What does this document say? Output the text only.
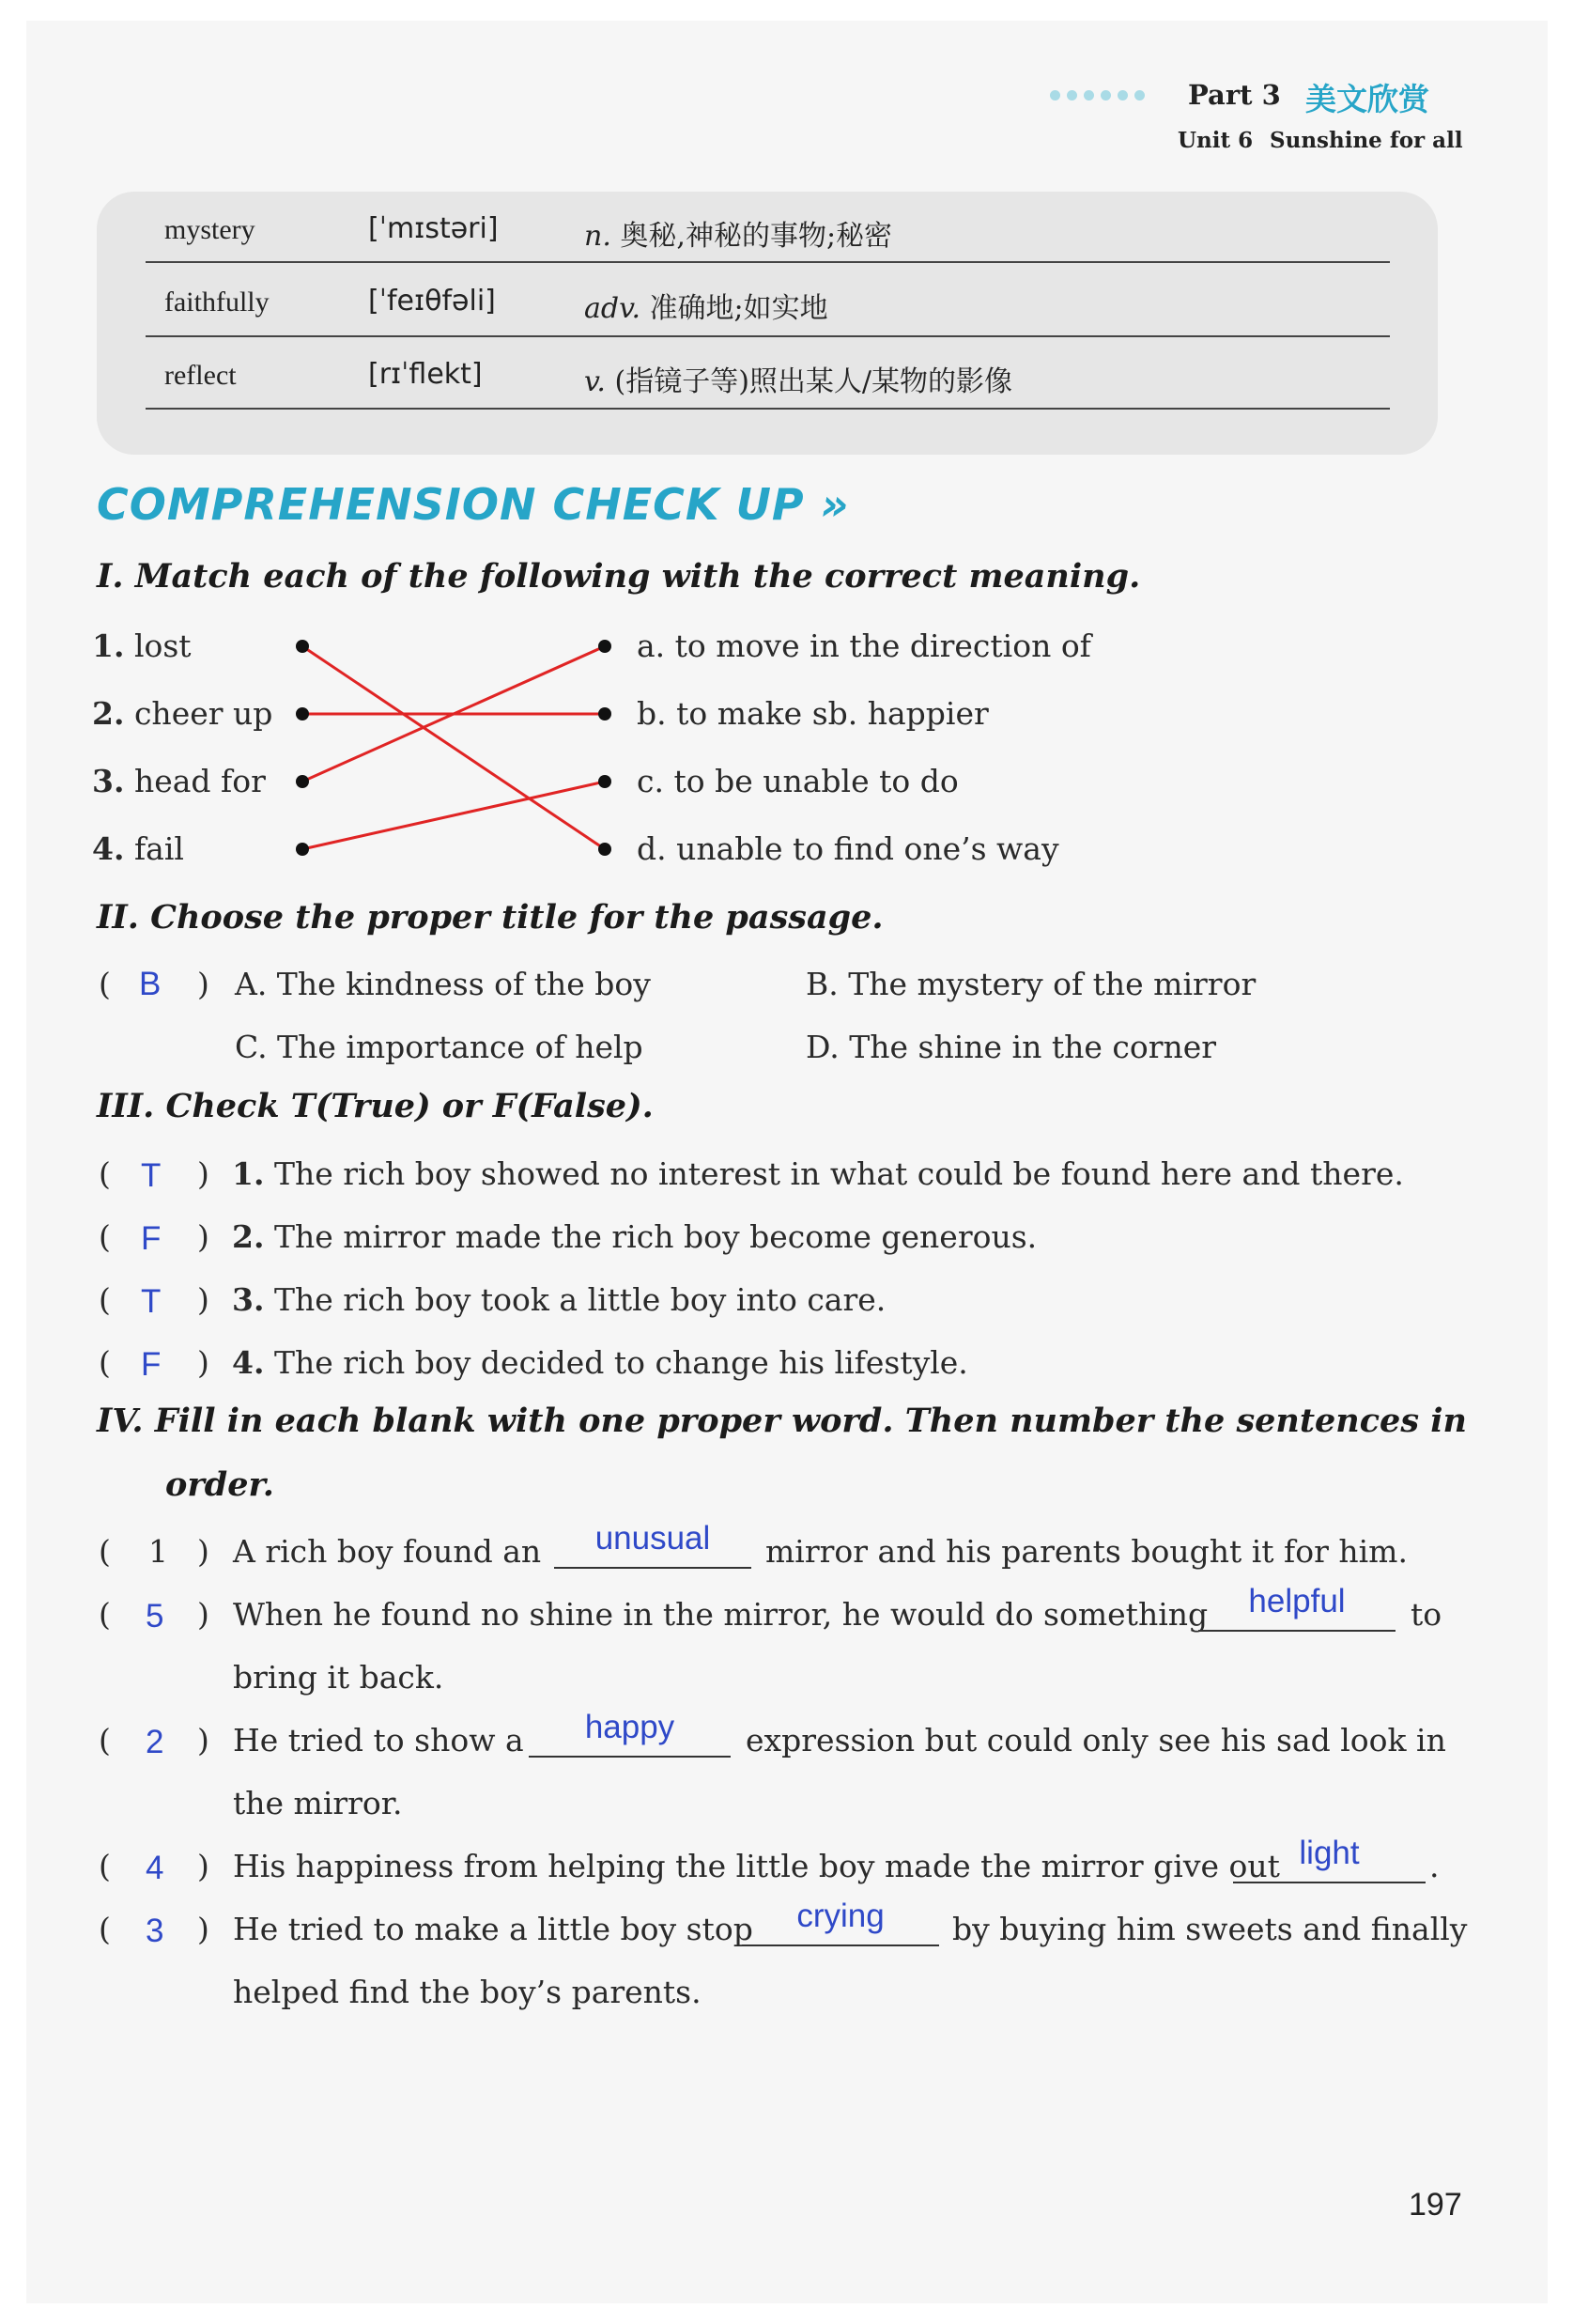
Part 3 美文欣赏
Unit 6 Sunshine for all
mystery	[ˈmɪstəri]	n. 奥秘,神秘的事物;秘密
faithfully	[ˈfeɪθfəli]	adv. 准确地;如实地
reflect	[rɪˈflekt]	v. (指镜子等)照出某人/某物的影像
COMPREHENSION CHECK UP »
I. Match each of the following with the correct meaning.
1. lost
2. cheer up
3. head for
4. fail
a. to move in the direction of
b. to make sb. happier
c. to be unable to do
d. unable to find one’s way
II. Choose the proper title for the passage.
( B ) A. The kindness of the boy	B. The mystery of the mirror
C. The importance of help	D. The shine in the corner
III. Check T(True) or F(False).
( T ) 1. The rich boy showed no interest in what could be found here and there.
( F ) 2. The mirror made the rich boy become generous.
( T ) 3. The rich boy took a little boy into care.
( F ) 4. The rich boy decided to change his lifestyle.
IV. Fill in each blank with one proper word. Then number the sentences in
order.
( 1 ) A rich boy found an	unusual	mirror and his parents bought it for him.
( 5 ) When he found no shine in the mirror, he would do something	helpful	to
bring it back.
( 2 ) He tried to show a	happy	expression but could only see his sad look in
the mirror.
( 4 ) His happiness from helping the little boy made the mirror give out light	.
( 3 ) He tried to make a little boy stop	crying	by buying him sweets and finally
helped find the boy’s parents.
197
